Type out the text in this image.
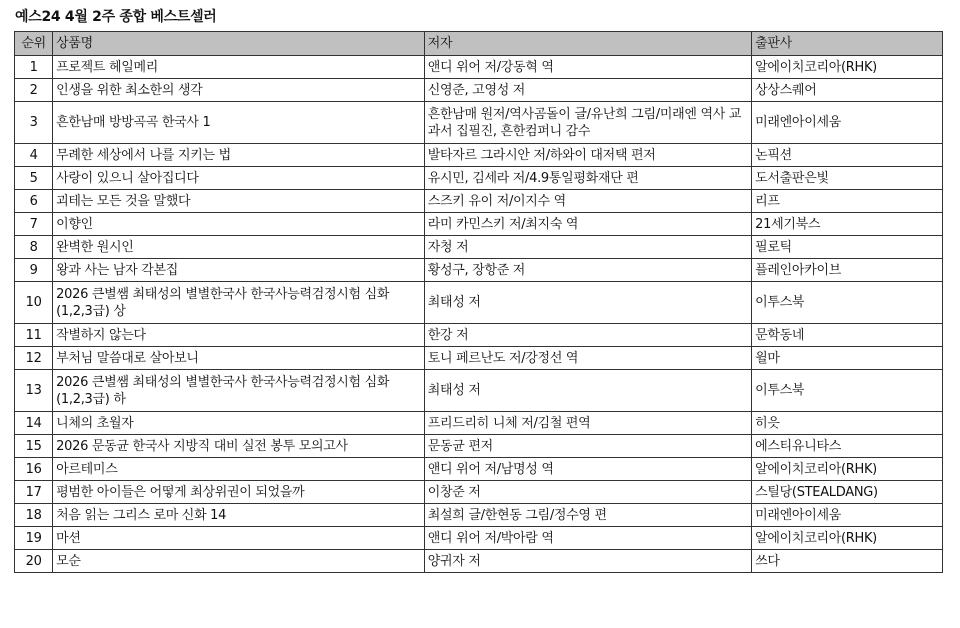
예스24 4월 2주 종합 베스트셀러
순위	상품명	저자	출판사
1	프로젝트 헤일메리	앤디 위어 저/강동혁 역	알에이치코리아(RHK)
2	인생을 위한 최소한의 생각	신영준, 고영성 저	상상스퀘어
3	흔한남매 방방곡곡 한국사 1	흔한남매 원저/역사곰돌이 글/유난희 그림/미래엔 역사 교과서 집필진, 흔한컴퍼니 감수	미래엔아이세움
4	무례한 세상에서 나를 지키는 법	발타자르 그라시안 저/하와이 대저택 편저	논픽션
5	사랑이 있으니 살아집디다	유시민, 김세라 저/4.9통일평화재단 편	도서출판은빛
6	괴테는 모든 것을 말했다	스즈키 유이 저/이지수 역	리프
7	이향인	라미 카민스키 저/최지숙 역	21세기북스
8	완벽한 원시인	자청 저	필로틱
9	왕과 사는 남자 각본집	황성구, 장항준 저	플레인아카이브
10	2026 큰별쌤 최태성의 별별한국사 한국사능력검정시험 심화(1,2,3급) 상	최태성 저	이투스북
11	작별하지 않는다	한강 저	문학동네
12	부처님 말씀대로 살아보니	토니 페르난도 저/강정선 역	윌마
13	2026 큰별쌤 최태성의 별별한국사 한국사능력검정시험 심화(1,2,3급) 하	최태성 저	이투스북
14	니체의 초월자	프리드리히 니체 저/김철 편역	히읏
15	2026 문동균 한국사 지방직 대비 실전 봉투 모의고사	문동균 편저	에스티유니타스
16	아르테미스	앤디 위어 저/남명성 역	알에이치코리아(RHK)
17	평범한 아이들은 어떻게 최상위권이 되었을까	이창준 저	스틸당(STEALDANG)
18	처음 읽는 그리스 로마 신화 14	최설희 글/한현동 그림/정수영 편	미래엔아이세움
19	마션	앤디 위어 저/박아람 역	알에이치코리아(RHK)
20	모순	양귀자 저	쓰다
